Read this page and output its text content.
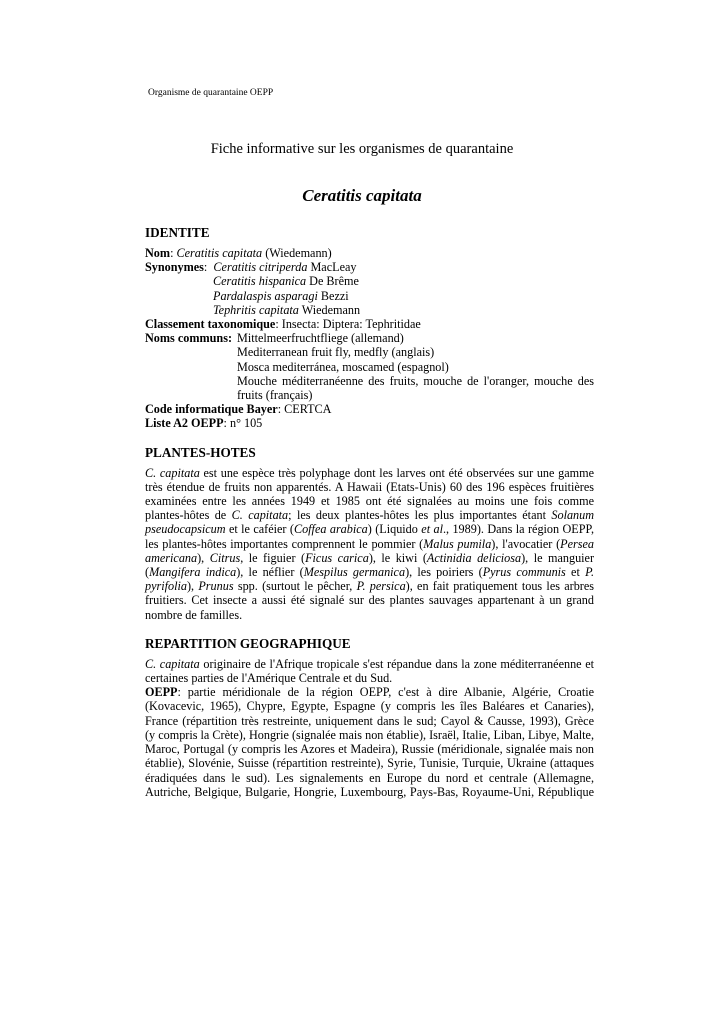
Organisme de quarantaine OEPP
Fiche informative sur les organismes de quarantaine
Ceratitis capitata
IDENTITE
Nom: Ceratitis capitata (Wiedemann)
Synonymes:  Ceratitis citriperda MacLeay
Ceratitis hispanica De Brême
Pardalaspis asparagi Bezzi
Tephritis capitata Wiedemann
Classement taxonomique: Insecta: Diptera: Tephritidae
Noms communs: Mittelmeerfruchtfliege (allemand)
Mediterranean fruit fly, medfly (anglais)
Mosca mediterránea, moscamed (espagnol)
Mouche méditerranéenne des fruits, mouche de l'oranger, mouche des
fruits (français)
Code informatique Bayer: CERTCA
Liste A2 OEPP: n° 105
PLANTES-HOTES
C. capitata est une espèce très polyphage dont les larves ont été observées sur une gamme
très étendue de fruits non apparentés. A Hawaii (Etats-Unis) 60 des 196 espèces fruitières
examinées entre les années 1949 et 1985 ont été signalées au moins une fois comme
plantes-hôtes de C. capitata; les deux plantes-hôtes les plus importantes étant Solanum
pseudocapsicum et le caféier (Coffea arabica) (Liquido et al., 1989). Dans la région OEPP,
les plantes-hôtes importantes comprennent le pommier (Malus pumila), l'avocatier (Persea
americana), Citrus, le figuier (Ficus carica), le kiwi (Actinidia deliciosa), le manguier
(Mangifera indica), le néflier (Mespilus germanica), les poiriers (Pyrus communis et P.
pyrifolia), Prunus spp. (surtout le pêcher, P. persica), en fait pratiquement tous les arbres
fruitiers. Cet insecte a aussi été signalé sur des plantes sauvages appartenant à un grand
nombre de familles.
REPARTITION GEOGRAPHIQUE
C. capitata originaire de l'Afrique tropicale s'est répandue dans la zone méditerranéenne et
certaines parties de l'Amérique Centrale et du Sud.
OEPP: partie méridionale de la région OEPP, c'est à dire Albanie, Algérie, Croatie
(Kovacevic, 1965), Chypre, Egypte, Espagne (y compris les îles Baléares et Canaries),
France (répartition très restreinte, uniquement dans le sud; Cayol & Causse, 1993), Grèce
(y compris la Crète), Hongrie (signalée mais non établie), Israël, Italie, Liban, Libye, Malte,
Maroc, Portugal (y compris les Azores et Madeira), Russie (méridionale, signalée mais non
établie), Slovénie, Suisse (répartition restreinte), Syrie, Tunisie, Turquie, Ukraine (attaques
éradiquées dans le sud). Les signalements en Europe du nord et centrale (Allemagne,
Autriche, Belgique, Bulgarie, Hongrie, Luxembourg, Pays-Bas, Royaume-Uni, République
